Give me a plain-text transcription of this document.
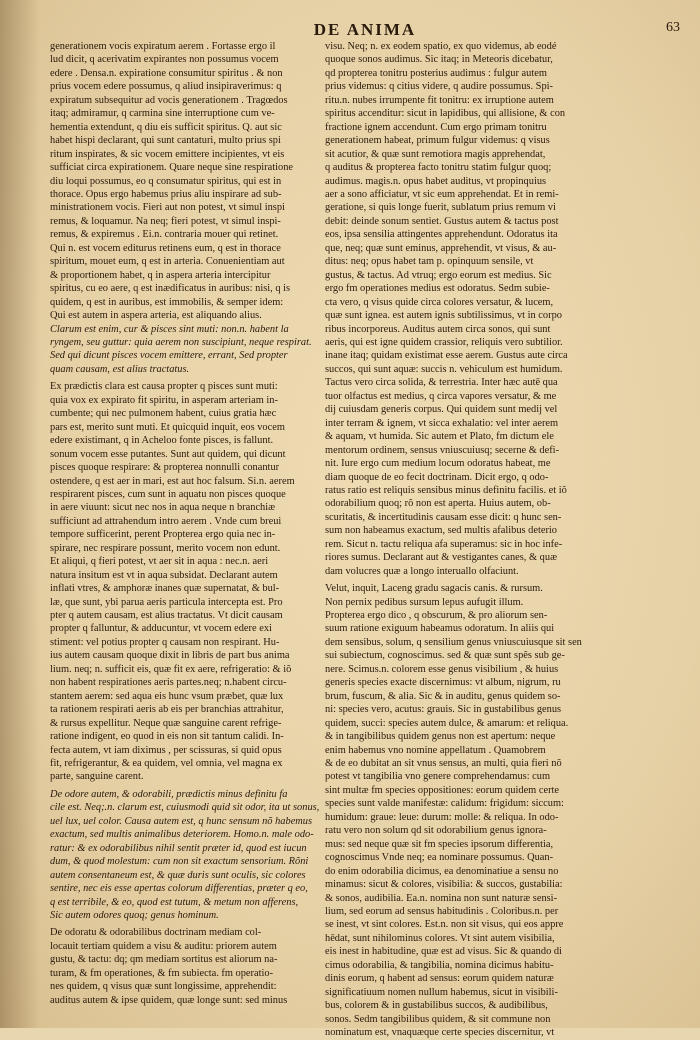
DE ANIMA	63
generationem vocis expiratum aerem . Fortasse ergo il
lud dicit, q acerivatim expirantes non possumus vocem
edere . Densa.n. expiratione consumitur spiritus . & non
prius vocem edere possumus, q aliud insipiraverimus: q
expiratum subsequitur ad vocis generationem . Tragœdos
itaq; admiramur, q carmina sine interruptione cum ve-
hementia extendunt, q diu eis sufficit spiritus. Q. aut sic
habet hispi declarant, qui sunt cantaturi, multo prius spi
ritum inspirates, & sic vocem emittere incipientes, vt eis
sufficiat circa expirationem. Quare neque sine respiratione
diu loqui possumus, eo q consumatur spiritus, qui est in
thorace. Opus ergo habemus prius aliu inspirare ad sub-
ministrationem vocis. Fieri aut non potest, vt simul inspi
remus, & loquamur. Na neq; fieri potest, vt simul inspi-
remus, & expiremus . Ei.n. contraria mouer qui retinet.
Qui n. est vocem editurus retinens eum, q est in thorace
spiritum, mouet eum, q est in arteria. Conuenientiam aut
& proportionem habet, q in aspera arteria intercipitur
spiritus, cu eo aere, q est inædificatus in auribus: nisi, q is
quidem, q est in auribus, est immobilis, & semper idem:
Qui est autem in aspera arteria, est aliquando alius.
Clarum est enim, cur & pisces sint muti: non.n. habent la
ryngem, seu guttur: quia aerem non suscipiunt, neque respirat.
Sed qui dicunt pisces vocem emittere, errant, Sed propter
quam causam, est alius tractatus.
Ex prædictis clara est causa propter q pisces sunt muti:
quia vox ex expirato fit spiritu, in asperam arteriam in-
cumbente; qui nec pulmonem habent, cuius gratia hæc
pars est, merito sunt muti. Et quicquid inquit, eos vocem
edere existimant, q in Acheloo fonte pisces, is fallunt.
sonum vocem esse putantes. Sunt aut quidem, qui dicunt
pisces quoque respirare: & propterea nonnulli conantur
ostendere, q est aer in mari, est aut hoc falsum. Si.n. aerem
respirarent pisces, cum sunt in aquatu non pisces quoque
in aere viuunt: sicut nec nos in aqua neque n branchiæ
sufficiunt ad attrahendum intro aerem . Vnde cum breui
tempore sufficerint, perent Propterea ergo quia nec in-
spirare, nec respirare possunt, merito vocem non edunt.
Et aliqui, q fieri potest, vt aer sit in aqua : nec.n. aeri
natura insitum est vt in aqua subsidat. Declarant autem
inflati vtres, & amphoræ inanes quæ supernatat, & bul-
læ, que sunt, ybi parua aeris particula intercepta est. Pro
pter q autem causam, est alius tractatus. Vt dicit causam
propter q falluntur, & adducuntur, vt vocem edere exi
stiment: vel potius propter q causam non respirant. Hu-
ius autem causam quoque dixit in libris de part bus anima
lium. neq; n. sufficit eis, quæ fit ex aere, refrigeratio: & iõ
non habent respirationes aeris partes.neq; n.habent circu-
stantem aerem: sed aqua eis hunc vsum præbet, quæ lux
ta rationem respirati aeris ab eis per branchias attrahitur,
& rursus expellitur. Neque quæ sanguine carent refrige-
ratione indigent, eo quod in eis non sit tantum calidi. In-
fecta autem, vt iam diximus , per scissuras, si quid opus
fit, refrigerantur, & ea quidem, vel omnia, vel magna ex
parte, sanguine carent.
De odore autem, & odorabili, prædictis minus definitu fa
cile est. Neq;.n. clarum est, cuiusmodi quid sit odor, ita ut sonus,
uel lux, uel color. Causa autem est, q hunc sensum nõ habemus
exactum, sed multis animalibus deteriorem. Homo.n. male odo-
ratur: & ex odorabilibus nihil sentit præter id, quod est iucun
dum, & quod molestum: cum non sit exactum sensorium. Rõni
autem consentaneum est, & quæ duris sunt oculis, sic colores
sentire, nec eis esse apertas colorum differentias, præter q eo,
q est terribile, & eo, quod est tutum, & metum non afferens,
Sic autem odores quoq; genus hominum.
De odoratu & odorabilibus doctrinam mediam col-
locauit tertiam quidem a visu & auditu: priorem autem
gustu, & tactu: dq; qm mediam sortitus est aliorum na-
turam, & fm operationes, & fm subiecta. fm operatio-
nes quidem, q visus quæ sunt longissime, apprehendit:
auditus autem & ipse quidem, quæ longe sunt: sed minus
visu. Neq; n. ex eodem spatio, ex quo videmus, ab eodé
quoque sonos audimus. Sic itaq; in Meteoris dicebatur,
qd propterea tonitru posterius audimus : fulgur autem
prius videmus: q citius videre, q audire possumus. Spi-
ritu.n. nubes irrumpente fit tonitru: ex irruptione autem
spiritus accenditur: sicut in lapidibus, qui allisione, & con
fractione ignem accendunt. Cum ergo primam tonitru
generationem habeat, primum fulgur videmus: q visus
sit acutior, & quæ sunt remotiora magis apprehendat,
q auditus & propterea facto tonitru statim fulgur quoq;
audimus. magis.n. opus habet auditus, vt propinquius
aer a sono afficiatur, vt sic eum apprehendat. Et in remi-
geratione, si quis longe fuerit, sublatum prius remum vi
debit: deinde sonum sentiet. Gustus autem & tactus post
eos, ipsa sensilia attingentes apprehendunt. Odoratus ita
que, neq; quæ sunt eminus, apprehendit, vt visus, & au-
ditus: neq; opus habet tam p. opinquum sensile, vt
gustus, & tactus. Ad vtruq; ergo eorum est medius. Sic
ergo fm operationes medius est odoratus. Sedm subie-
cta vero, q visus quide circa colores versatur, & lucem,
quæ sunt ignea. est autem ignis subtilissimus, vt in corpo
ribus incorporeus. Auditus autem circa sonos, qui sunt
aeris, qui est igne quidem crassior, reliquis vero subtilior.
inane itaq; quidam existimat esse aerem. Gustus aute circa
succos, qui sunt aquæ: succis n. vehiculum est humidum.
Tactus vero circa solida, & terrestria. Inter hæc autē qua
tuor olfactus est medius, q circa vapores versatur, & me
dij cuiusdam generis corpus. Qui quidem sunt medij vel
inter terram & ignem, vt sicca exhalatio: vel inter aerem
& aquam, vt humida. Sic autem et Plato, fm dictum ele
mentorum ordinem, sensus vniuscuiusq; secerne & defi-
nit. Iure ergo cum medium locum odoratus habeat, me
diam quoque de eo fecit doctrinam. Dicit ergo, q odo-
ratus ratio est reliquis sensibus minus definitu facilis. et iõ
odorabilium quoq; rõ non est aperta. Huius autem, ob-
scuritatis, & incertitudinis causam esse dicit: q hunc sen-
sum non habeamus exactum, sed multis afalibus deterio
rem. Sicut n. tactu reliqua afa superamus: sic in hoc infe-
riores sumus. Declarant aut & vestigantes canes, & quæ
dam volucres quæ a longo interuallo olfaciunt.
Velut, inquit, Laceng gradu sagacis canis. & rursum.
Non pernix pedibus sursum lepus aufugit illum.
Propterea ergo dico , q obscurum, & pro aliorum sen-
suum ratione exiguum habeamus odoratum. In aliis qui
dem sensibus, solum, q sensilium genus vniuscuiusque sit sen
sui subiectum, cognoscimus. sed & quæ sunt spẽs sub ge-
nere. Scimus.n. colorem esse genus visibilium , & huius
generis species exacte discernimus: vt album, nigrum, ru
brum, fuscum, & alia. Sic & in auditu, genus quidem so-
ni: species vero, acutus: grauis. Sic in gustabilibus genus
quidem, succi: species autem dulce, & amarum: et reliqua.
& in tangibilibus quidem genus non est apertum: neque
enim habemus vno nomine appellatum . Quamobrem
& de eo dubitat an sit vnus sensus, an multi, quia fieri nõ
potest vt tangibilia vno genere comprehendamus: cum
sint multæ fm species oppositiones: eorum quidem certe
species sunt valde manifestæ: calidum: frigidum: siccum:
humidum: graue: leue: durum: molle: & reliqua. In odo-
ratu vero non solum qd sit odorabilium genus ignora-
mus: sed neque quæ sit fm species ipsorum differentia,
cognoscimus Vnde neq; ea nominare possumus. Quan-
do enim odorabilia dicimus, ea denominatiue a sensu no
minamus: sicut & colores, visibilia: & succos, gustabilia:
& sonos, audibilia. Ea.n. nomina non sunt naturæ sensi-
lium, sed eorum ad sensus habitudinis . Coloribus.n. per
se inest, vt sint colores. Est.n. non sit visus, qui eos appre
hēdat, sunt nihilominus colores. Vt sint autem visibilia,
eis inest in habitudine, quæ est ad visus. Sic & quando di
cimus odorabilia, & tangibilia, nomina dicimus habitu-
dinis eorum, q habent ad sensus: eorum quidem naturæ
significatiuum nomen nullum habemus, sicut in visibili-
bus, colorem & in gustabilibus succos, & audibilibus,
sonos. Sedm tangibilibus quidem, & sit commune non
nominatum est, vnaquæque certe species discernitur, vt
